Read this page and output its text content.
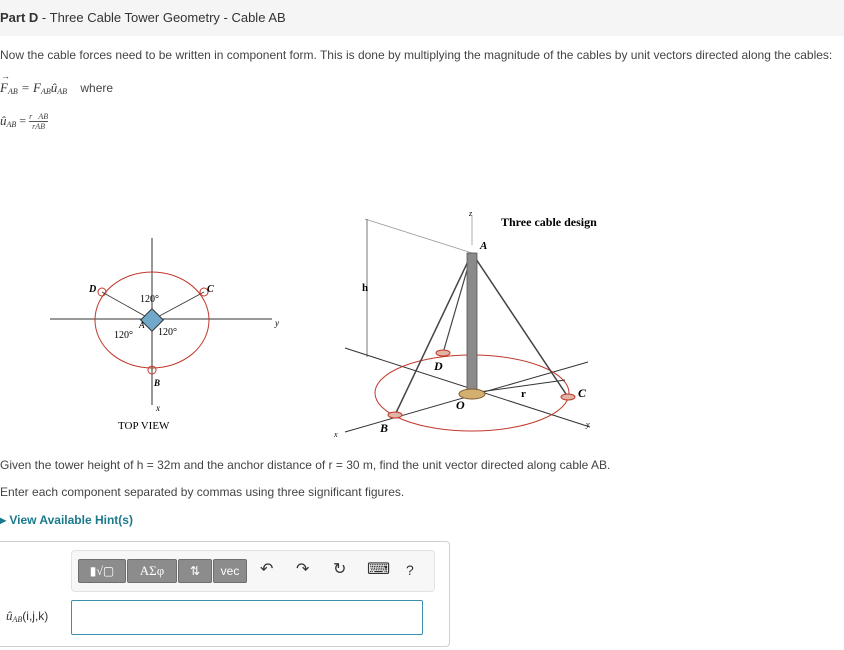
Part D - Three Cable Tower Geometry - Cable AB
Now the cable forces need to be written in component form. This is done by multiplying the magnitude of the cables by unit vectors directed along the cables:
→
$F_{AB}$ = $F_{AB}û_{AB}$ where
$û_{AB} = \frac{r⃗AB}{\text{rAB}}$
D	C
A
B
120°
120°	120°
x
y
TOP VIEW
z
A
h
D
O
r	C
B
x
y
Three cable design
Given the tower height of h = 32m and the anchor distance of r = 30 m, find the unit vector directed along cable AB.
Enter each component separated by commas using three significant figures.
▸ View Available Hint(s)
▮√▢	ΑΣφ	⇅	vec	↶ ↷ ↻ ⌨ ?
$û_{AB}(i,j,k)$
